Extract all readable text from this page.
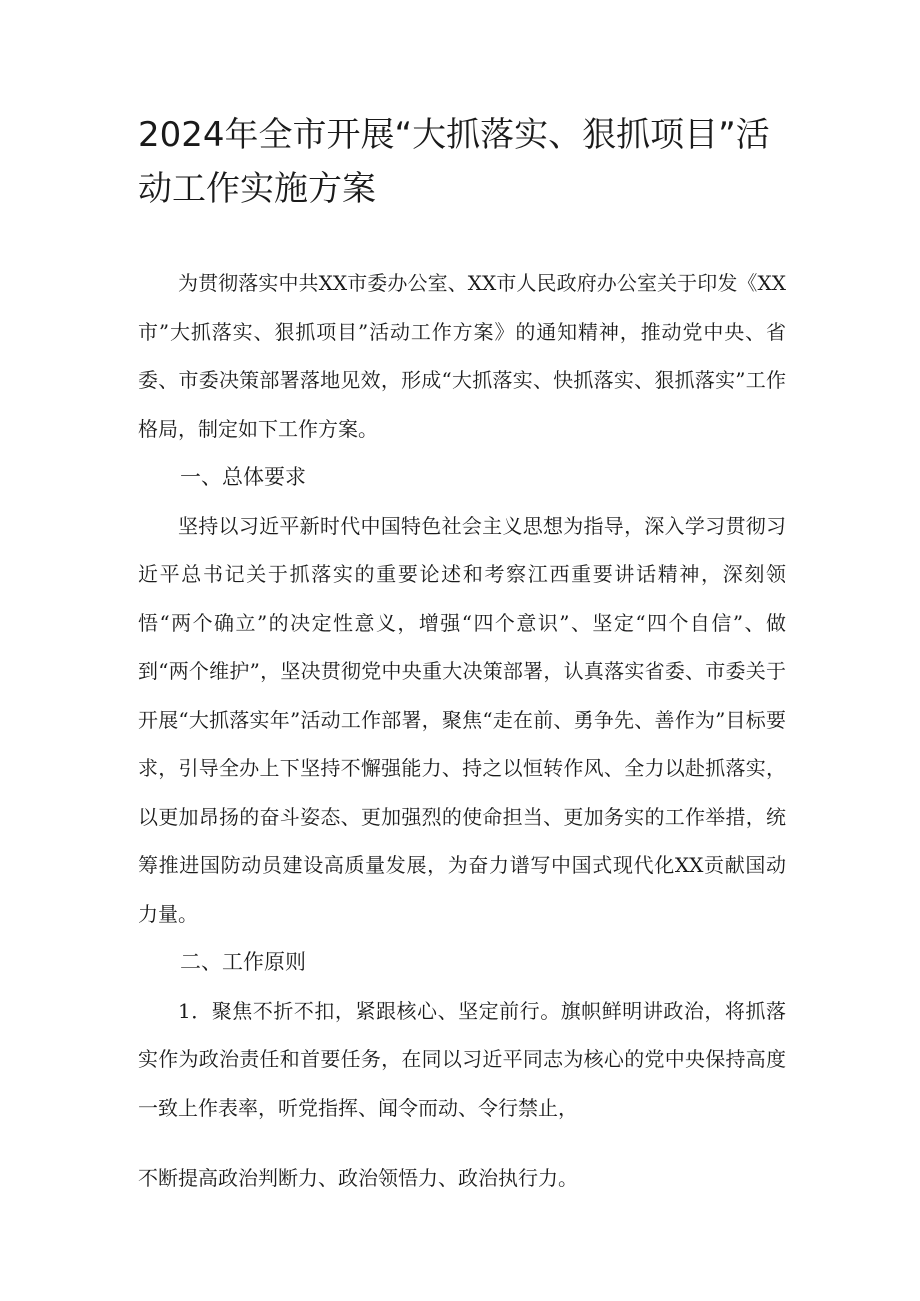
2024年全市开展“大抓落实、狠抓项目”活动工作实施方案

为贯彻落实中共XX市委办公室、XX市人民政府办公室关于印发《XX市”大抓落实、狠抓项目”活动工作方案》的通知精神，推动党中央、省委、市委决策部署落地见效，形成“大抓落实、快抓落实、狠抓落实”工作格局，制定如下工作方案。

一、总体要求

坚持以习近平新时代中国特色社会主义思想为指导，深入学习贯彻习近平总书记关于抓落实的重要论述和考察江西重要讲话精神，深刻领悟“两个确立”的决定性意义，增强“四个意识”、坚定“四个自信”、做到“两个维护”，坚决贯彻党中央重大决策部署，认真落实省委、市委关于开展“大抓落实年”活动工作部署，聚焦“走在前、勇争先、善作为”目标要求，引导全办上下坚持不懈强能力、持之以恒转作风、全力以赴抓落实，以更加昂扬的奋斗姿态、更加强烈的使命担当、更加务实的工作举措，统筹推进国防动员建设高质量发展，为奋力谱写中国式现代化XX贡献国动力量。

二、工作原则

1．聚焦不折不扣，紧跟核心、坚定前行。旗帜鲜明讲政治，将抓落实作为政治责任和首要任务，在同以习近平同志为核心的党中央保持高度一致上作表率，听党指挥、闻令而动、令行禁止，

不断提高政治判断力、政治领悟力、政治执行力。
